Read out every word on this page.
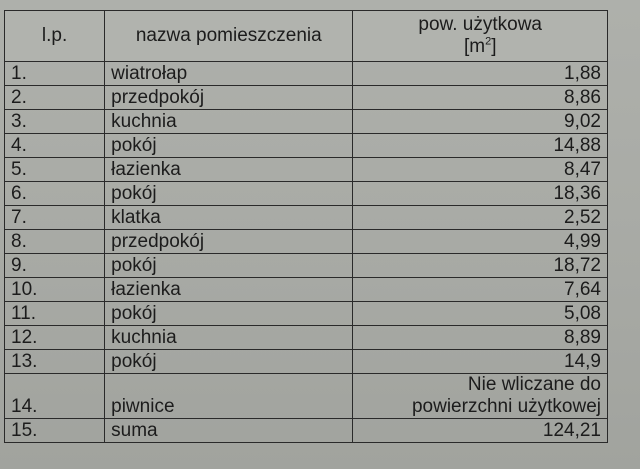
l.p.	nazwa pomieszczenia	pow. użytkowa
$[m^2]$

1.	wiatrołap	1,88
2.	przedpokój	8,86
3.	kuchnia	9,02
4.	pokój	14,88
5.	łazienka	8,47
6.	pokój	18,36
7.	klatka	2,52
8.	przedpokój	4,99
9.	pokój	18,72
10.	łazienka	7,64
11.	pokój	5,08
12.	kuchnia	8,89
13.	pokój	14,9
14.	piwnice	Nie wliczane do
powierzchni użytkowej

15.	suma	124,21
